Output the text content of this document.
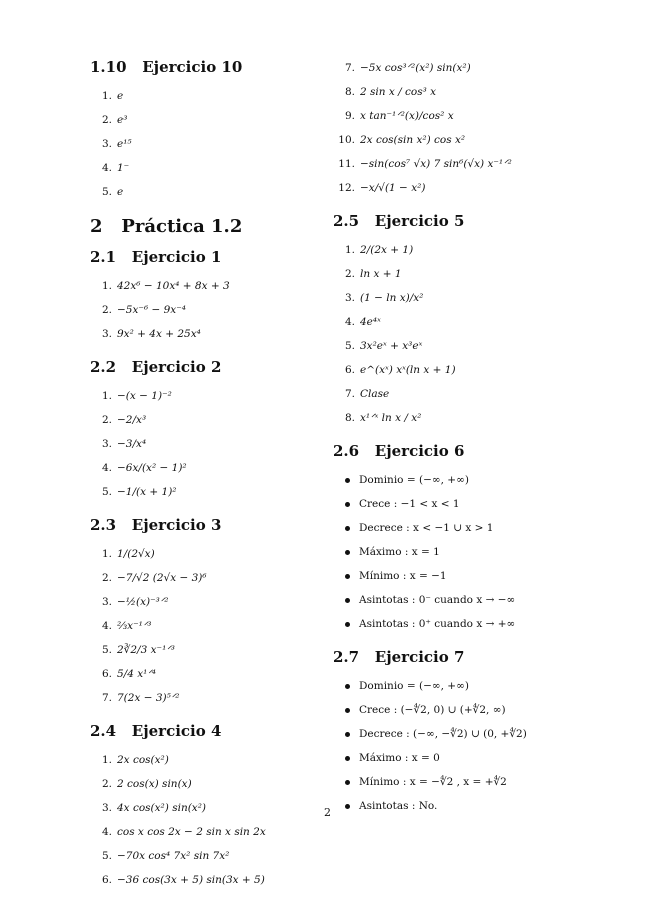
1.10 Ejercicio 10
1. e
2. e³
3. e¹⁵
4. 1⁻
5. e
2 Práctica 1.2
2.1 Ejercicio 1
1. 42x⁶ − 10x⁴ + 8x + 3
2. −5x⁻⁶ − 9x⁻⁴
3. 9x² + 4x + 25x⁴
2.2 Ejercicio 2
1. −(x − 1)⁻²
2. −2/x³
3. −3/x⁴
4. −6x/(x² − 1)²
5. −1/(x + 1)²
2.3 Ejercicio 3
1. 1/(2√x)
2. −7/√2 (2√x − 3)⁶
3. −½(x)⁻³ᐟ²
4. ⅔x⁻¹ᐟ³
5. 2∛2/3 x⁻¹ᐟ³
6. 5/4 x¹ᐟ⁴
7. 7(2x − 3)⁵ᐟ²
2.4 Ejercicio 4
1. 2x cos(x²)
2. 2 cos(x) sin(x)
3. 4x cos(x²) sin(x²)
4. cos x cos 2x − 2 sin x sin 2x
5. −70x cos⁴ 7x² sin 7x²
6. −36 cos(3x + 5) sin(3x + 5)
7. −5x cos³ᐟ²(x²) sin(x²)
8. 2 sin x / cos³ x
9. x tan⁻¹ᐟ²(x)/cos² x
10. 2x cos(sin x²) cos x²
11. −sin(cos⁷ √x) 7 sin⁶(√x) x⁻¹ᐟ²
12. −x/√(1 − x²)
2.5 Ejercicio 5
1. 2/(2x + 1)
2. ln x + 1
3. (1 − ln x)/x²
4. 4e⁴ˣ
5. 3x²eˣ + x³eˣ
6. e^(xˣ) xˣ(ln x + 1)
7. Clase
8. x¹ᐟˣ ln x / x²
2.6 Ejercicio 6
Dominio = (−∞, +∞)
Crece : −1 < x < 1
Decrece : x < −1 ∪ x > 1
Máximo : x = 1
Mínimo : x = −1
Asintotas : 0⁻ cuando x → −∞
Asintotas : 0⁺ cuando x → +∞
2.7 Ejercicio 7
Dominio = (−∞, +∞)
Crece : (−∜2, 0) ∪ (+∜2, ∞)
Decrece : (−∞, −∜2) ∪ (0, +∜2)
Máximo : x = 0
Mínimo : x = −∜2 , x = +∜2
Asintotas : No.
2
